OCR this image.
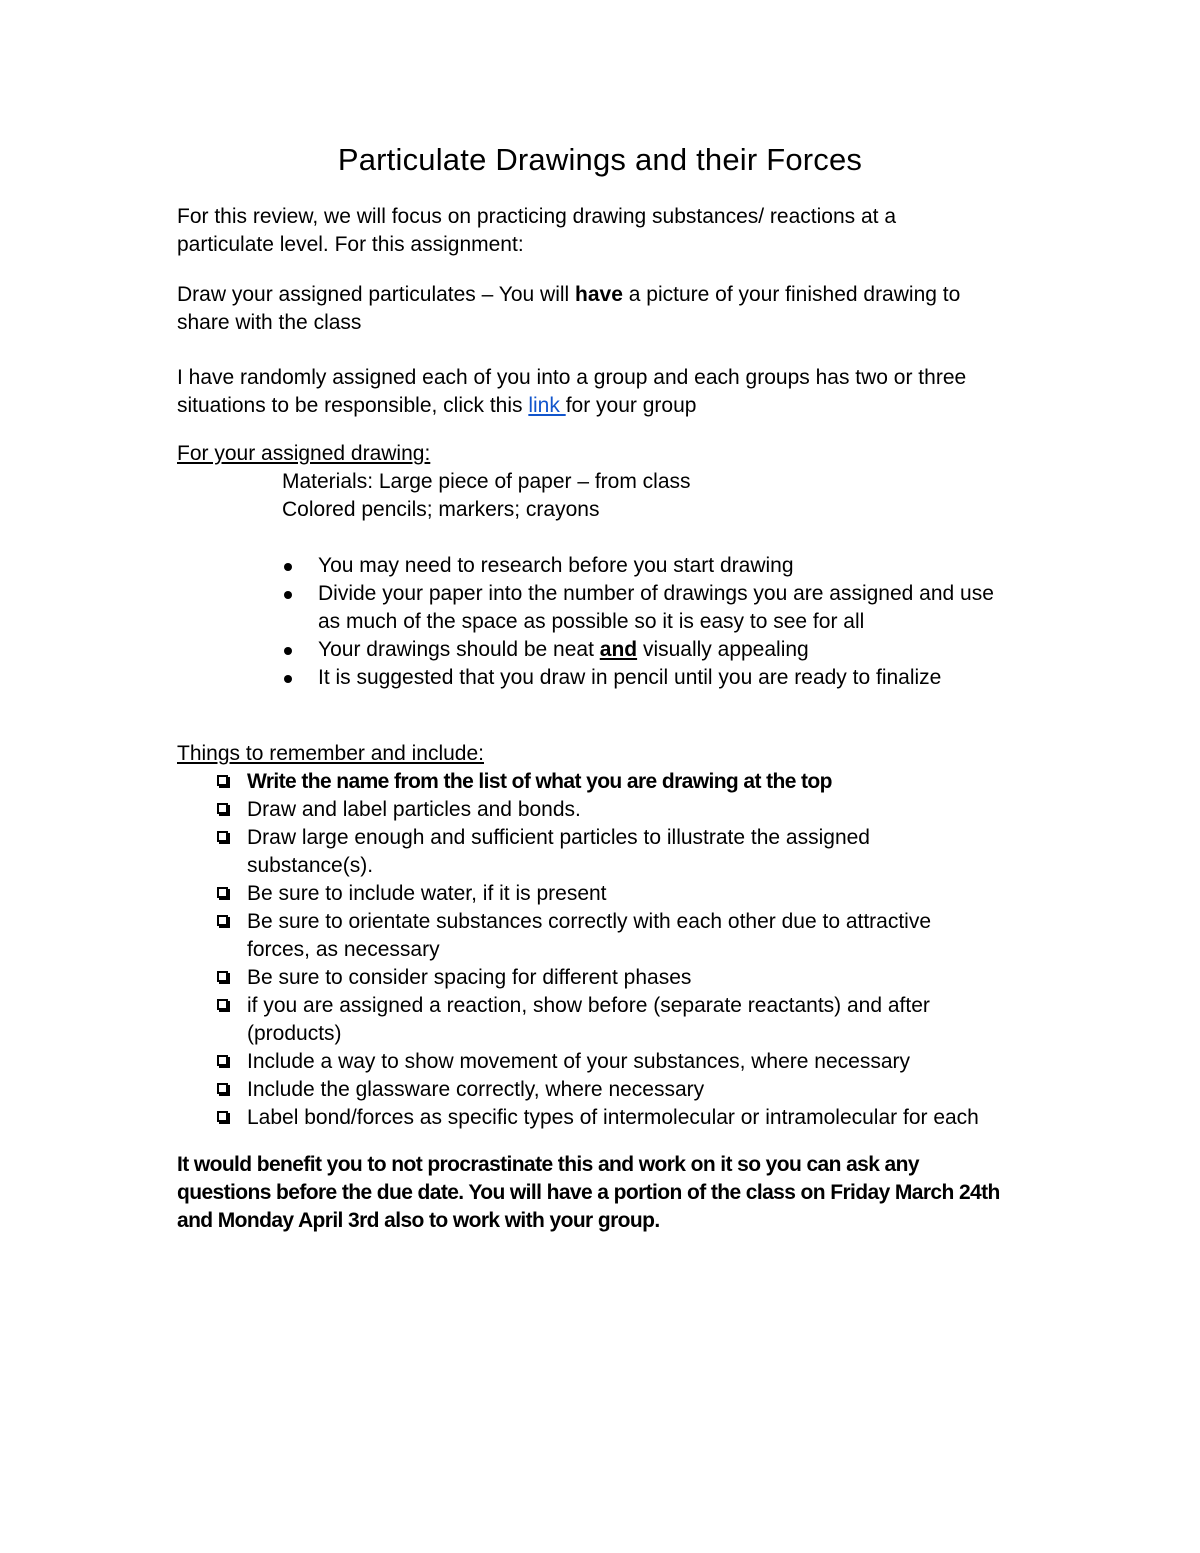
Particulate Drawings and their Forces
For this review, we will focus on practicing drawing substances/ reactions at a
particulate level. For this assignment:
Draw your assigned particulates – You will have a picture of your finished drawing to
share with the class
I have randomly assigned each of you into a group and each groups has two or three
situations to be responsible, click this link for your group
For your assigned drawing:
Materials: Large piece of paper – from class
Colored pencils; markers; crayons
You may need to research before you start drawing
Divide your paper into the number of drawings you are assigned and use
as much of the space as possible so it is easy to see for all
Your drawings should be neat and visually appealing
It is suggested that you draw in pencil until you are ready to finalize
Things to remember and include:
Write the name from the list of what you are drawing at the top
Draw and label particles and bonds.
Draw large enough and sufficient particles to illustrate the assigned
substance(s).
Be sure to include water, if it is present
Be sure to orientate substances correctly with each other due to attractive
forces, as necessary
Be sure to consider spacing for different phases
if you are assigned a reaction, show before (separate reactants) and after
(products)
Include a way to show movement of your substances, where necessary
Include the glassware correctly, where necessary
Label bond/forces as specific types of intermolecular or intramolecular for each
It would benefit you to not procrastinate this and work on it so you can ask any
questions before the due date. You will have a portion of the class on Friday March 24th
and Monday April 3rd also to work with your group.
